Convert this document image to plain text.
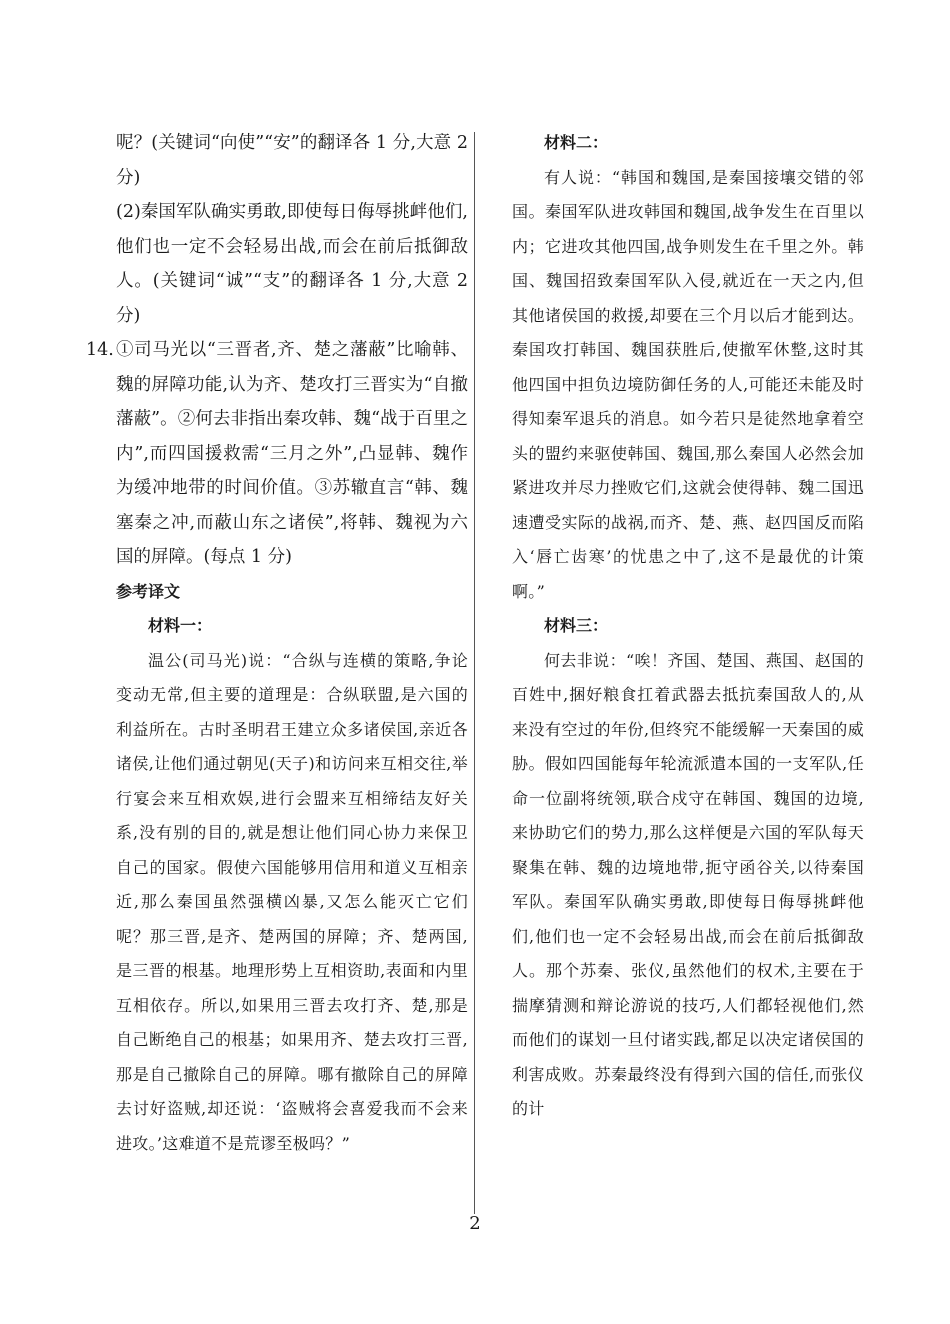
呢？(关键词“向使”“安”的翻译各 1 分,大意 2 分)

(2)秦国军队确实勇敢,即使每日侮辱挑衅他们,他们也一定不会轻易出战,而会在前后抵御敌人。(关键词“诚”“支”的翻译各 1 分,大意 2 分)

14. ①司马光以“三晋者,齐、楚之藩蔽”比喻韩、魏的屏障功能,认为齐、楚攻打三晋实为“自撤藩蔽”。②何去非指出秦攻韩、魏“战于百里之内”,而四国援救需“三月之外”,凸显韩、魏作为缓冲地带的时间价值。③苏辙直言“韩、魏塞秦之冲,而蔽山东之诸侯”,将韩、魏视为六国的屏障。(每点 1 分)

参考译文

材料一：

温公(司马光)说：“合纵与连横的策略,争论变动无常,但主要的道理是：合纵联盟,是六国的利益所在。古时圣明君王建立众多诸侯国,亲近各诸侯,让他们通过朝见(天子)和访问来互相交往,举行宴会来互相欢娱,进行会盟来互相缔结友好关系,没有别的目的,就是想让他们同心协力来保卫自己的国家。假使六国能够用信用和道义互相亲近,那么秦国虽然强横凶暴,又怎么能灭亡它们呢？那三晋,是齐、楚两国的屏障；齐、楚两国,是三晋的根基。地理形势上互相资助,表面和内里互相依存。所以,如果用三晋去攻打齐、楚,那是自己断绝自己的根基；如果用齐、楚去攻打三晋,那是自己撤除自己的屏障。哪有撤除自己的屏障去讨好盗贼,却还说：‘盗贼将会喜爱我而不会来进攻。’这难道不是荒谬至极吗？”

材料二：

有人说：“韩国和魏国,是秦国接壤交错的邻国。秦国军队进攻韩国和魏国,战争发生在百里以内；它进攻其他四国,战争则发生在千里之外。韩国、魏国招致秦国军队入侵,就近在一天之内,但其他诸侯国的救援,却要在三个月以后才能到达。秦国攻打韩国、魏国获胜后,使撤军休整,这时其他四国中担负边境防御任务的人,可能还未能及时得知秦军退兵的消息。如今若只是徒然地拿着空头的盟约来驱使韩国、魏国,那么秦国人必然会加紧进攻并尽力挫败它们,这就会使得韩、魏二国迅速遭受实际的战祸,而齐、楚、燕、赵四国反而陷入‘唇亡齿寒’的忧患之中了,这不是最优的计策啊。”

材料三：

何去非说：“唉！齐国、楚国、燕国、赵国的百姓中,捆好粮食扛着武器去抵抗秦国敌人的,从来没有空过的年份,但终究不能缓解一天秦国的威胁。假如四国能每年轮流派遣本国的一支军队,任命一位副将统领,联合戍守在韩国、魏国的边境,来协助它们的势力,那么这样便是六国的军队每天聚集在韩、魏的边境地带,扼守函谷关,以待秦国军队。秦国军队确实勇敢,即使每日侮辱挑衅他们,他们也一定不会轻易出战,而会在前后抵御敌人。那个苏秦、张仪,虽然他们的权术,主要在于揣摩猜测和辩论游说的技巧,人们都轻视他们,然而他们的谋划一旦付诸实践,都足以决定诸侯国的利害成败。苏秦最终没有得到六国的信任,而张仪的计

2
